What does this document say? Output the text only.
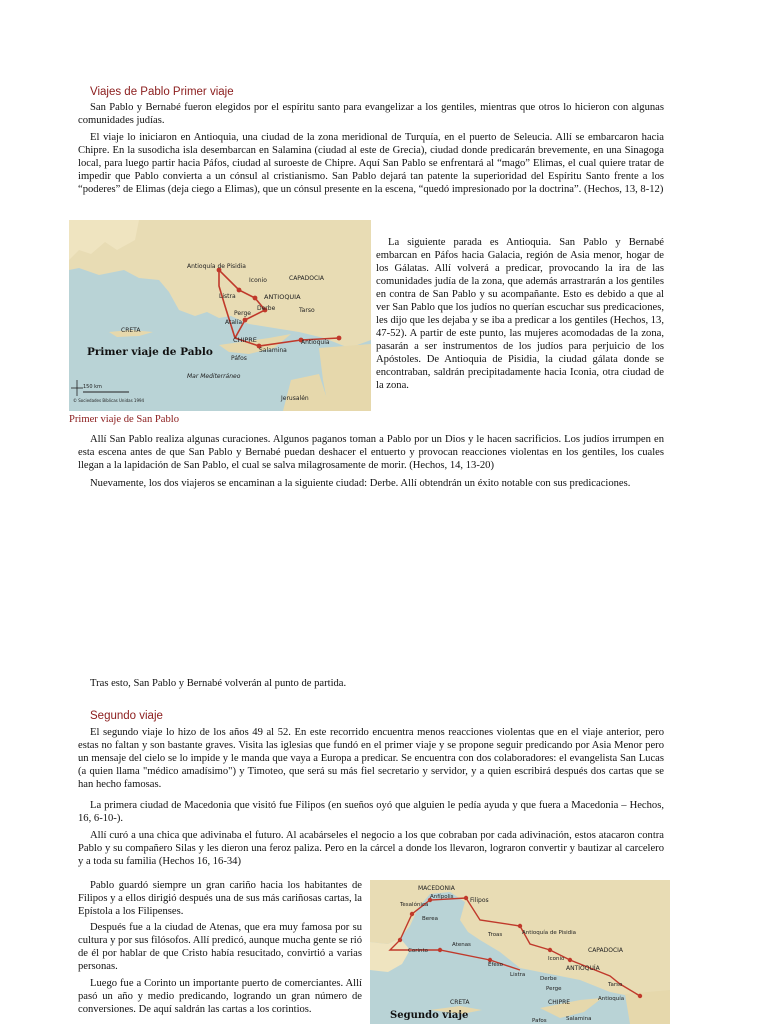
Viajes de Pablo Primer viaje

San Pablo y Bernabé fueron elegidos por el espíritu santo para evangelizar a los gentiles, mientras que otros lo hicieron con algunas comunidades judías.

El viaje lo iniciaron en Antioquia, una ciudad de la zona meridional de Turquía, en el puerto de Seleucia. Allí se embarcaron hacia Chipre. En la susodicha isla desembarcan en Salamina (ciudad al este de Grecia), ciudad donde predicarán brevemente, en una Sinagoga local, para luego partir hacia Páfos, ciudad al suroeste de Chipre. Aquí San Pablo se enfrentará al “mago” Elimas, el cual quiere tratar de impedir que Pablo convierta a un cónsul al cristianismo. San Pablo dejará tan patente la superioridad del Espíritu Santo frente a los “poderes” de Elimas (deja ciego a Elimas), que un cónsul presente en la escena, “quedó impresionado por la doctrina”. (Hechos, 13, 8-12)

Antioquía de Pisidia
Iconio	CAPADOCIA
Listra	ANTIOQUIA
Derbe	Tarso
Perge
Atalía
CRETA
CHIPRE	Antioquía
Páfos
Salamina
Mar Mediterráneo
Jerusalén
Primer viaje de Pablo
150 km
© Sociedades Bíblicas Unidas 1994

La siguiente parada es Antioquia. San Pablo y Bernabé embarcan en Páfos hacia Galacia, región de Asia menor, hogar de los Gálatas. Allí volverá a predicar, provocando la ira de las comunidades judía de la zona, que además arrastrarán a los gentiles en contra de San Pablo y su acompañante. Esto es debido a que al ver San Pablo que los judíos no querían escuchar sus predicaciones, les dijo que les dejaba y se iba a predicar a los gentiles (Hechos, 13, 47-52). A partir de este punto, las mujeres acomodadas de la zona, pasarán a ser instrumentos de los judíos para perjuicio de los Apóstoles. De Antioquia de Pisidia, la ciudad gálata donde se encontraban, saldrán precipitadamente hacia Iconia, otra ciudad de la zona.

Primer viaje de San Pablo

Allí San Pablo realiza algunas curaciones. Algunos paganos toman a Pablo por un Dios y le hacen sacrificios. Los judíos irrumpen en esta escena antes de que San Pablo y Bernabé puedan deshacer el entuerto y provocan reacciones violentas en los gentiles, los cuales llegan a la lapidación de San Pablo, el cual se salva milagrosamente de morir. (Hechos, 14, 13-20)

Nuevamente, los dos viajeros se encaminan a la siguiente ciudad: Derbe. Allí obtendrán un éxito notable con sus predicaciones.

Tras esto, San Pablo y Bernabé volverán al punto de partida.

Segundo viaje

El segundo viaje lo hizo de los años 49 al 52. En este recorrido encuentra menos reacciones violentas que en el viaje anterior, pero estas no faltan y son bastante graves. Visita las iglesias que fundó en el primer viaje y se propone seguir predicando por Asia Menor pero un mensaje del cielo se lo impide y le manda que vaya a Europa a predicar. Se encuentra con dos colaboradores: el evangelista San Lucas (a quien llama "médico amadísimo") y Timoteo, que será su más fiel secretario y servidor, y a quien escribirá después dos cartas que se han hecho famosas.

La primera ciudad de Macedonia que visitó fue Filipos (en sueños oyó que alguien le pedía ayuda y que fuera a Macedonia – Hechos, 16, 6-10-).

Allí curó a una chica que adivinaba el futuro. Al acabárseles el negocio a los que cobraban por cada adivinación, estos atacaron contra Pablo y su compañero Silas y les dieron una feroz paliza. Pero en la cárcel a donde los llevaron, lograron convertir y bautizar al carcelero y a toda su familia (Hechos 16, 16-34)

Pablo guardó siempre un gran cariño hacia los habitantes de Filipos y a ellos dirigió después una de sus más cariñosas cartas, la Epístola a los Filipenses.

Después fue a la ciudad de Atenas, que era muy famosa por su cultura y por sus filósofos. Allí predicó, aunque mucha gente se rió de él por hablar de que Cristo había resucitado, convirtió a varias personas.

Luego fue a Corinto un importante puerto de comerciantes. Allí pasó un año y medio predicando, logrando un gran número de conversiones. De aquí saldrán las cartas a los corintios.

MACEDONIA
Anfípolis	Filipos
Tesalónica
Berea
Troas	Antioquía de Pisidia
Corinto
Atenas
Éfeso
Iconio
CAPADOCIA
Listra
ANTIOQUÍA
Derbe
Perge
Tarso
CRETA	CHIPRE	Antioquía
Pafos	Salamina
Segundo viaje
